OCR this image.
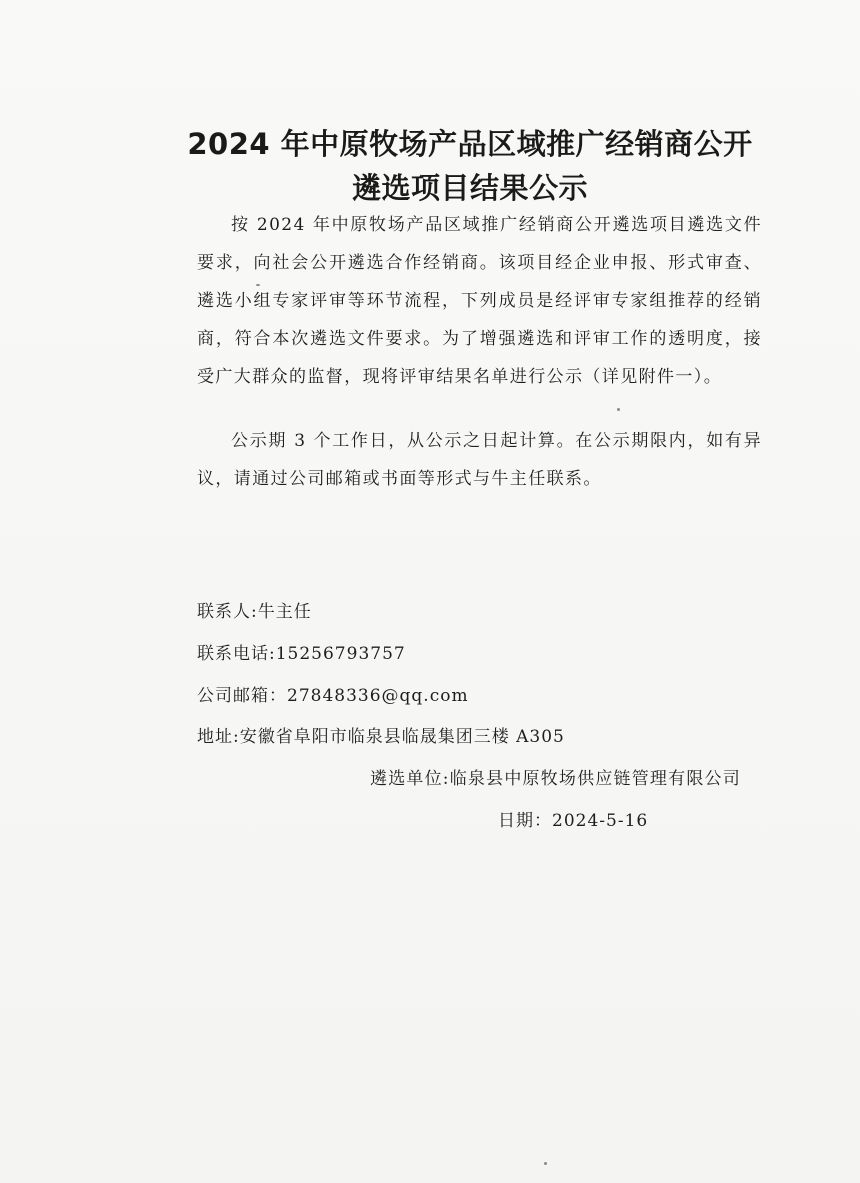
2024 年中原牧场产品区域推广经销商公开
遴选项目结果公示

按 2024 年中原牧场产品区域推广经销商公开遴选项目遴选文件要求，向社会公开遴选合作经销商。该项目经企业申报、形式审查、遴选小组专家评审等环节流程，下列成员是经评审专家组推荐的经销商，符合本次遴选文件要求。为了增强遴选和评审工作的透明度，接受广大群众的监督，现将评审结果名单进行公示（详见附件一）。

公示期 3 个工作日，从公示之日起计算。在公示期限内，如有异议，请通过公司邮箱或书面等形式与牛主任联系。

联系人:牛主任

联系电话:15256793757

公司邮箱：27848336@qq.com

地址:安徽省阜阳市临泉县临晟集团三楼 A305

遴选单位:临泉县中原牧场供应链管理有限公司

日期：2024-5-16
